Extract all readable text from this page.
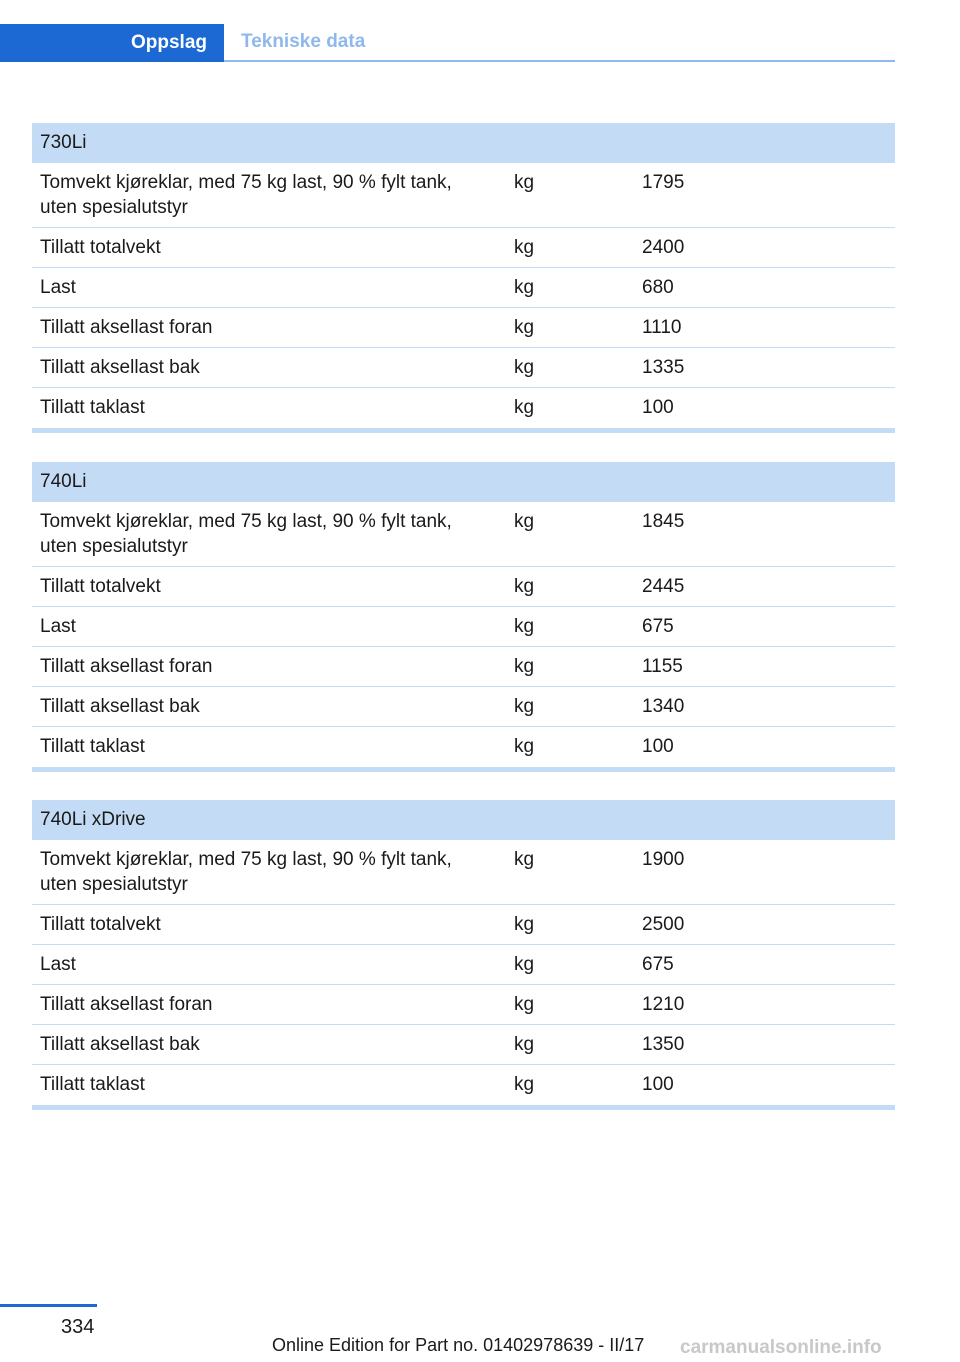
Oppslag	Tekniske data
730Li
Tomvekt kjøreklar, med 75 kg last, 90 % fylt tank,
uten spesialutstyr
kg	1795
Tillatt totalvekt	kg	2400
Last	kg	680
Tillatt aksellast foran	kg	1110
Tillatt aksellast bak	kg	1335
Tillatt taklast	kg	100
740Li
Tomvekt kjøreklar, med 75 kg last, 90 % fylt tank,
uten spesialutstyr
kg	1845
Tillatt totalvekt	kg	2445
Last	kg	675
Tillatt aksellast foran	kg	1155
Tillatt aksellast bak	kg	1340
Tillatt taklast	kg	100
740Li xDrive
Tomvekt kjøreklar, med 75 kg last, 90 % fylt tank,
uten spesialutstyr
kg	1900
Tillatt totalvekt	kg	2500
Last	kg	675
Tillatt aksellast foran	kg	1210
Tillatt aksellast bak	kg	1350
Tillatt taklast	kg	100
334
Online Edition for Part no. 01402978639 - II/17 carmanualsonline.info
